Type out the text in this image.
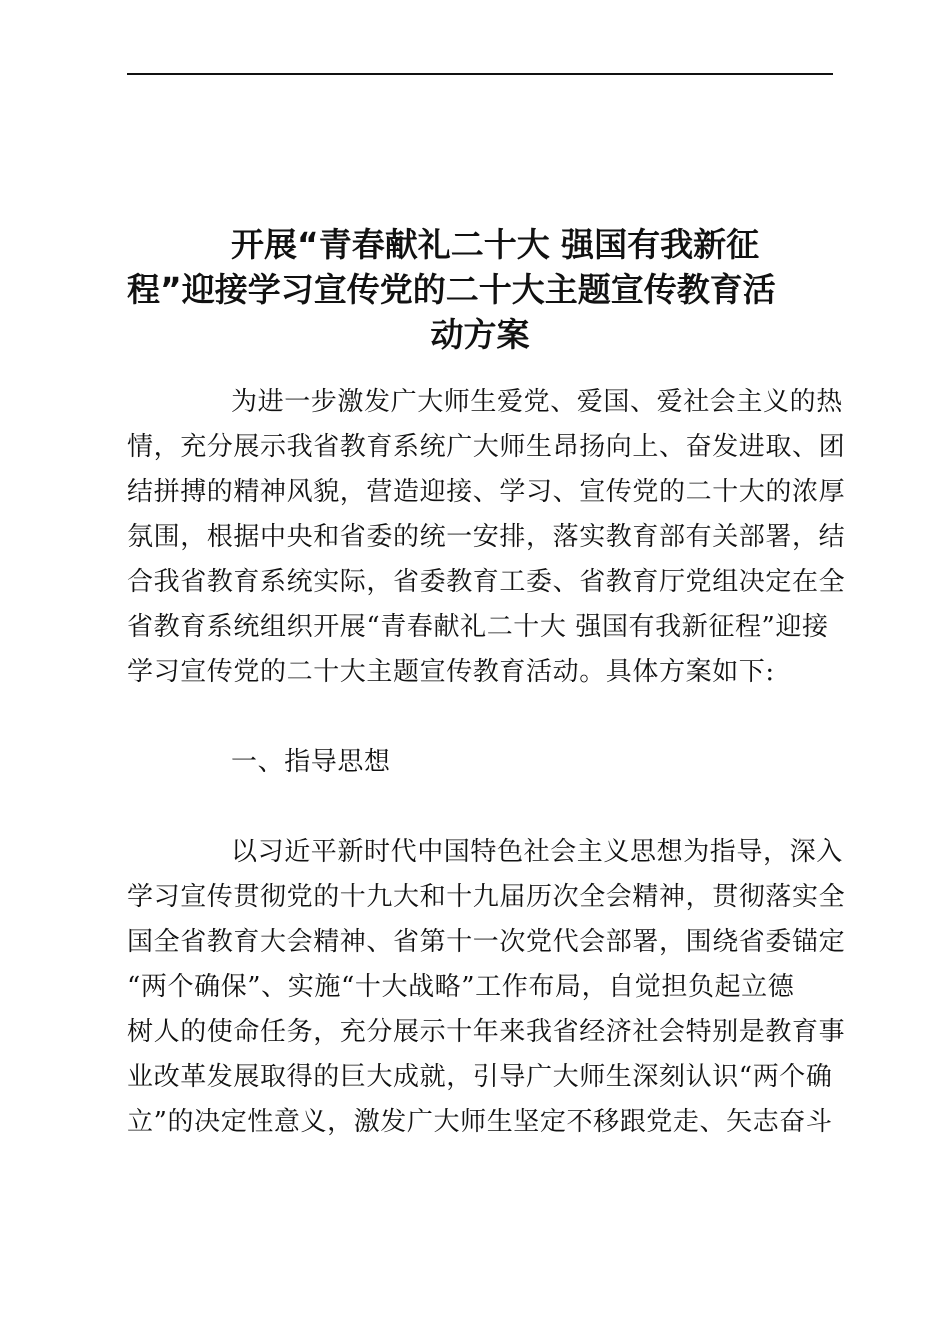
开展“青春献礼二十大 强国有我新征
程”迎接学习宣传党的二十大主题宣传教育活
动方案
为进一步激发广大师生爱党、爱国、爱社会主义的热
情，充分展示我省教育系统广大师生昂扬向上、奋发进取、团
结拼搏的精神风貌，营造迎接、学习、宣传党的二十大的浓厚
氛围，根据中央和省委的统一安排，落实教育部有关部署，结
合我省教育系统实际，省委教育工委、省教育厅党组决定在全
省教育系统组织开展“青春献礼二十大 强国有我新征程”迎接
学习宣传党的二十大主题宣传教育活动。具体方案如下:
一、指导思想
以习近平新时代中国特色社会主义思想为指导，深入
学习宣传贯彻党的十九大和十九届历次全会精神，贯彻落实全
国全省教育大会精神、省第十一次党代会部署，围绕省委锚定
“两个确保”、实施“十大战略”工作布局，自觉担负起立德
树人的使命任务，充分展示十年来我省经济社会特别是教育事
业改革发展取得的巨大成就，引导广大师生深刻认识“两个确
立”的决定性意义，激发广大师生坚定不移跟党走、矢志奋斗
